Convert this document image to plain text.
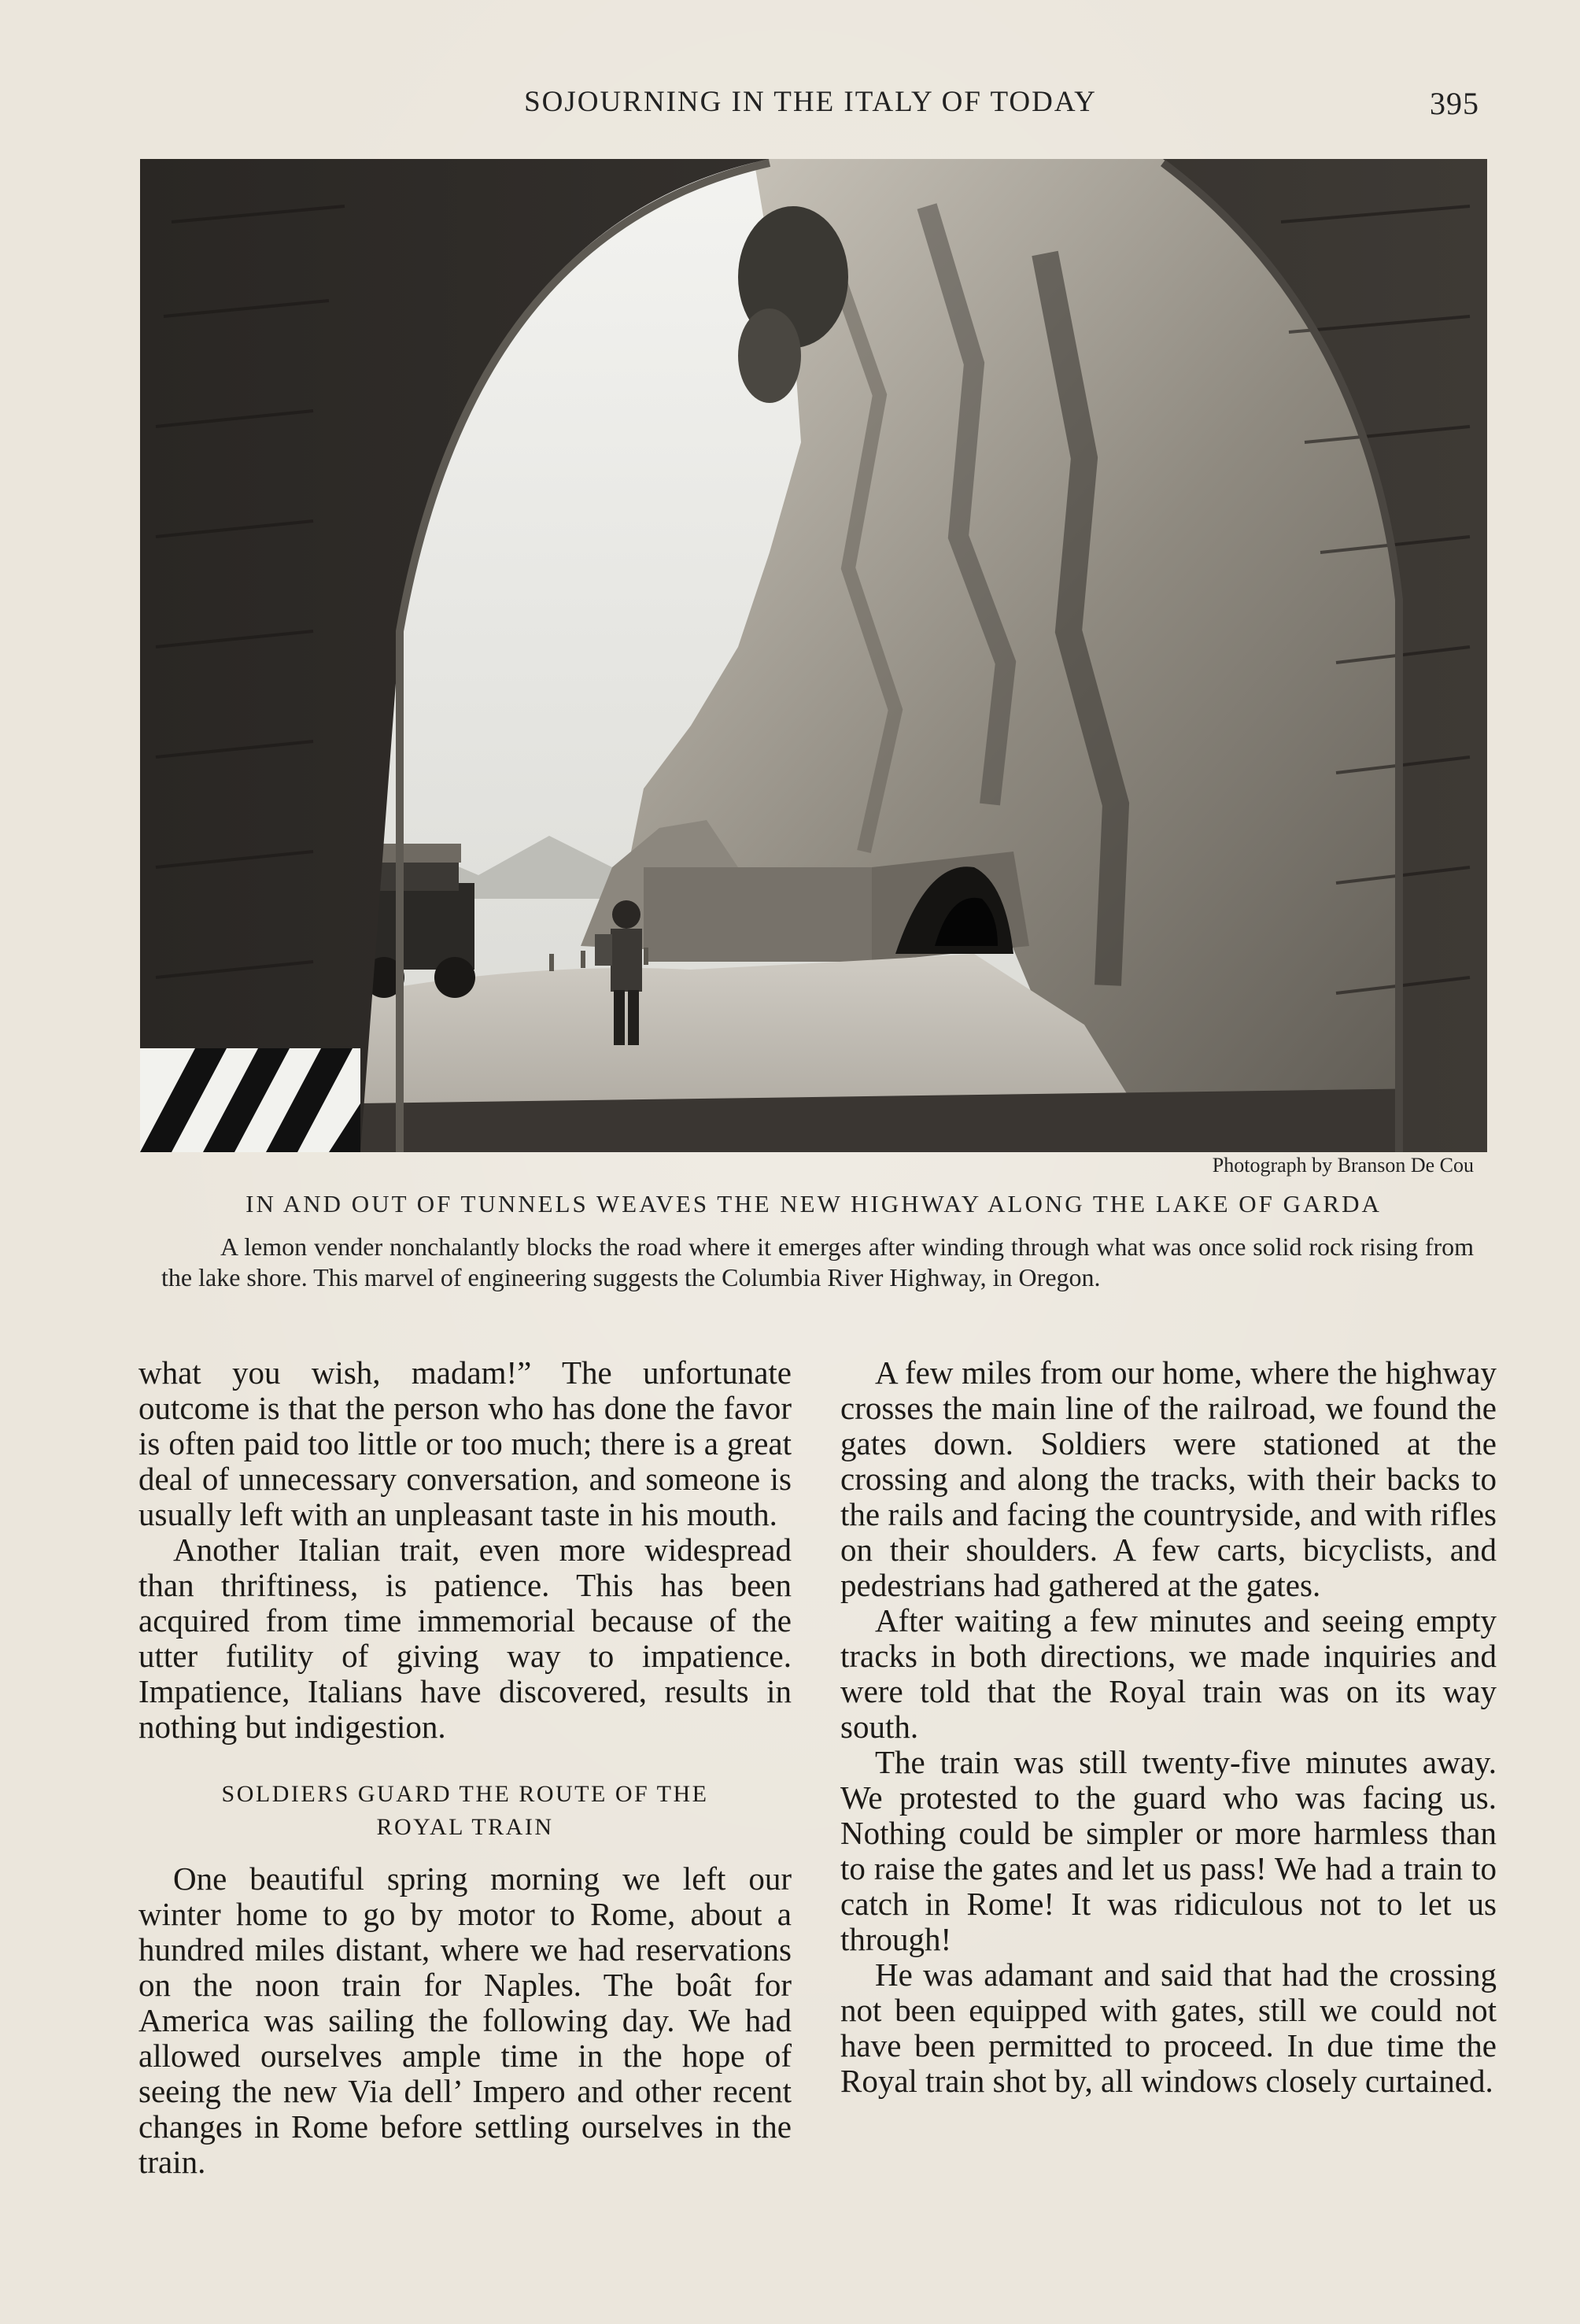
SOJOURNING IN THE ITALY OF TODAY	395
Photograph by Branson De Cou
IN AND OUT OF TUNNELS WEAVES THE NEW HIGHWAY ALONG THE LAKE OF GARDA
A lemon vender nonchalantly blocks the road where it emerges after winding through what was once solid rock rising from the lake shore. This marvel of engineering suggests the Columbia River Highway, in Oregon.

what you wish, madam!” The unfortunate outcome is that the person who has done the favor is often paid too little or too much; there is a great deal of unnecessary conversation, and someone is usually left with an unpleasant taste in his mouth.

Another Italian trait, even more widespread than thriftiness, is patience. This has been acquired from time immemorial because of the utter futility of giving way to impatience. Impatience, Italians have discovered, results in nothing but indigestion.

SOLDIERS GUARD THE ROUTE OF THE
ROYAL TRAIN

One beautiful spring morning we left our winter home to go by motor to Rome, about a hundred miles distant, where we had reservations on the noon train for Naples. The boât for America was sailing the following day. We had allowed ourselves ample time in the hope of seeing the new Via dell’ Impero and other recent changes in Rome before settling ourselves in the train.

A few miles from our home, where the highway crosses the main line of the railroad, we found the gates down. Soldiers were stationed at the crossing and along the tracks, with their backs to the rails and facing the countryside, and with rifles on their shoulders. A few carts, bicyclists, and pedestrians had gathered at the gates.

After waiting a few minutes and seeing empty tracks in both directions, we made inquiries and were told that the Royal train was on its way south.

The train was still twenty-five minutes away. We protested to the guard who was facing us. Nothing could be simpler or more harmless than to raise the gates and let us pass! We had a train to catch in Rome! It was ridiculous not to let us through!

He was adamant and said that had the crossing not been equipped with gates, still we could not have been permitted to proceed. In due time the Royal train shot by, all windows closely curtained.
